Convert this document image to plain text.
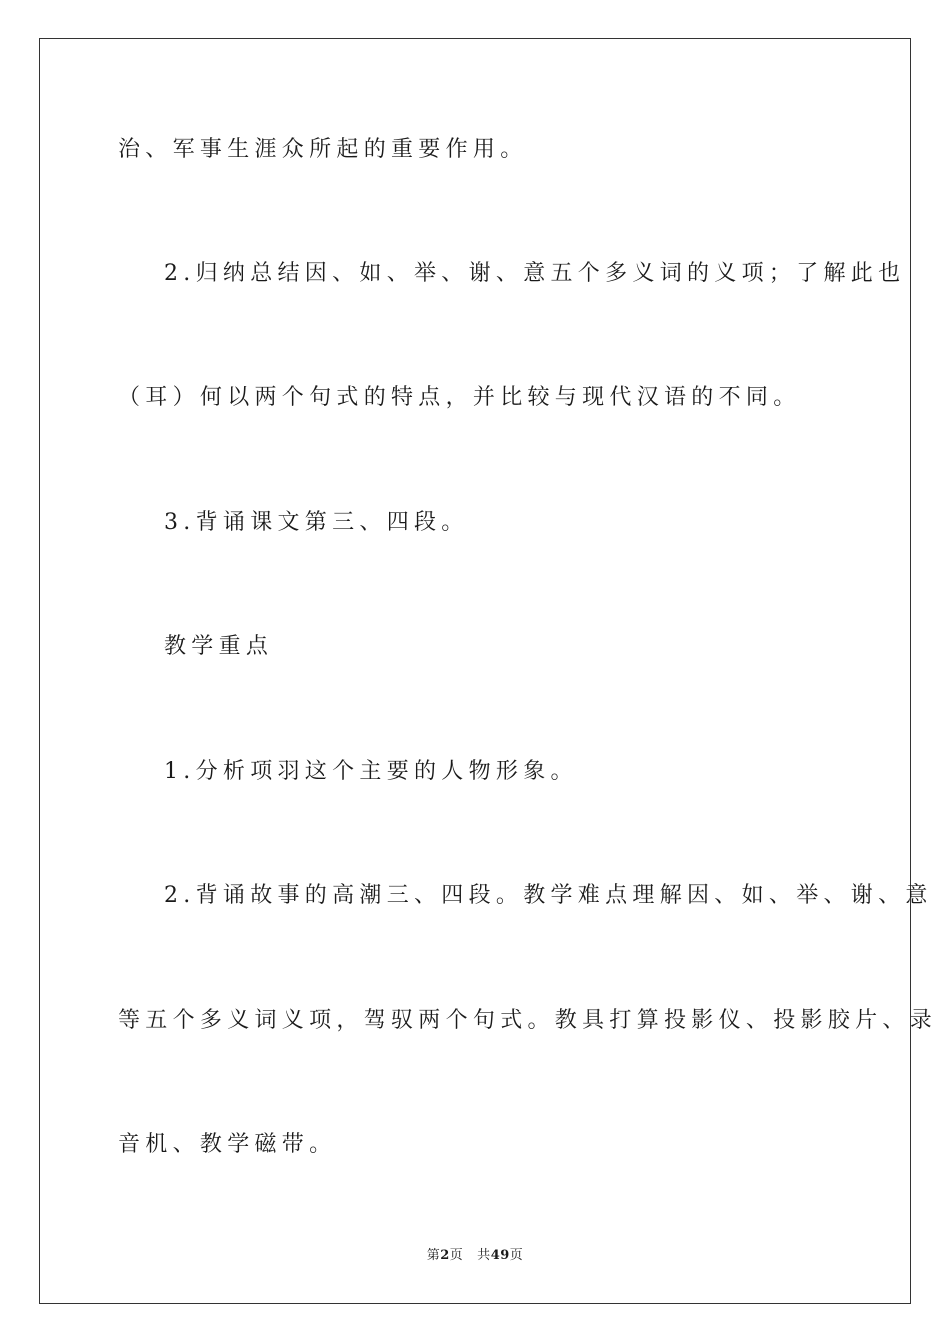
治、军事生涯众所起的重要作用。
2.归纳总结因、如、举、谢、意五个多义词的义项；了解此也
（耳）何以两个句式的特点，并比较与现代汉语的不同。
3.背诵课文第三、四段。
教学重点
1.分析项羽这个主要的人物形象。
2.背诵故事的高潮三、四段。教学难点理解因、如、举、谢、意
等五个多义词义项，驾驭两个句式。教具打算投影仪、投影胶片、录
音机、教学磁带。
第2页 共49页
